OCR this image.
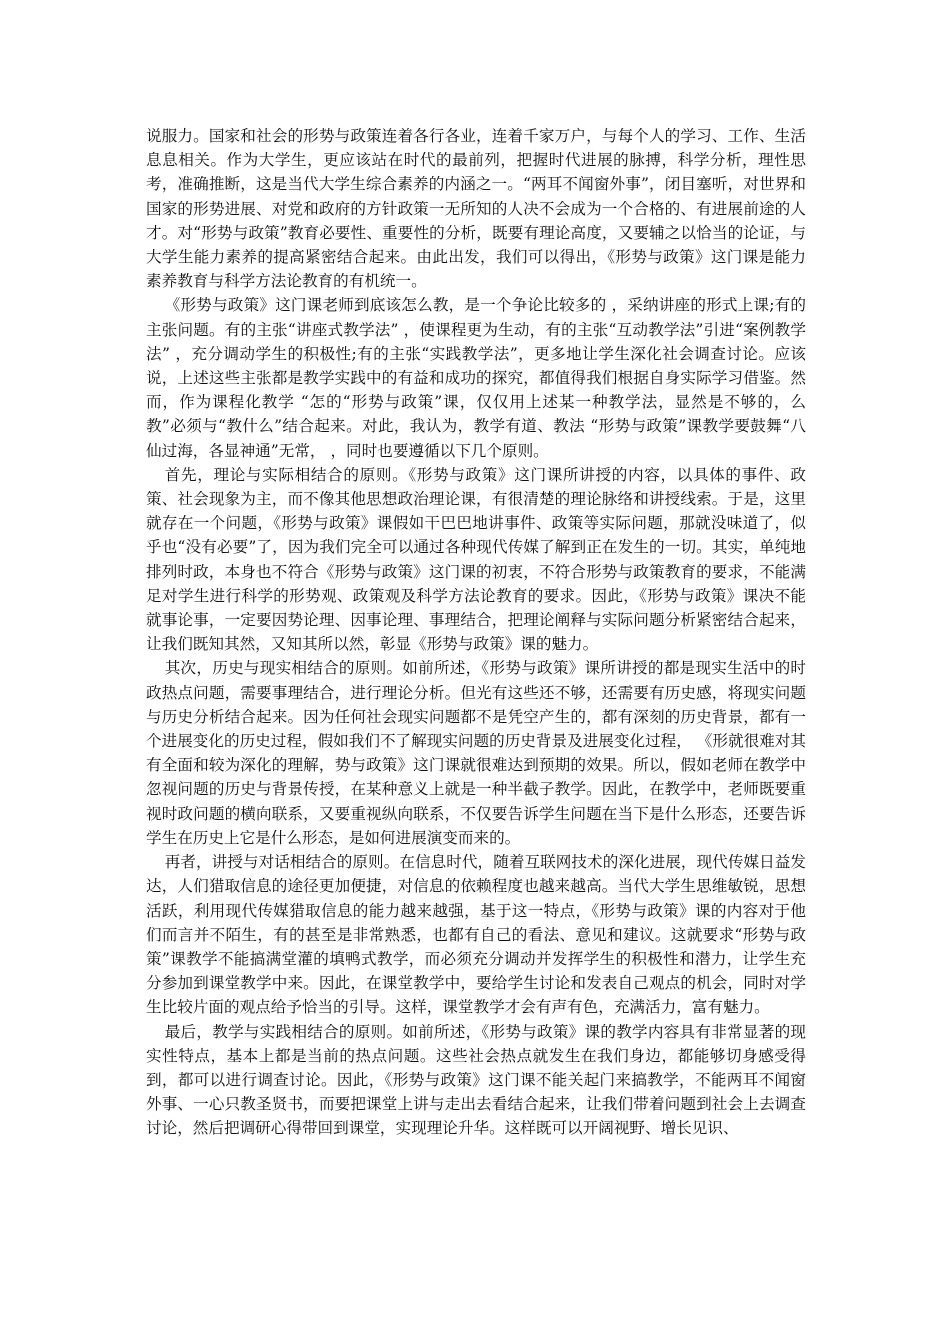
说服力。国家和社会的形势与政策连着各行各业，连着千家万户，与每个人的学习、工作、生活息息相关。作为大学生，更应该站在时代的最前列，把握时代进展的脉搏，科学分析，理性思考，准确推断，这是当代大学生综合素养的内涵之一。“两耳不闻窗外事”，闭目塞听，对世界和国家的形势进展、对党和政府的方针政策一无所知的人决不会成为一个合格的、有进展前途的人才。对“形势与政策”教育必要性、重要性的分析，既要有理论高度，又要辅之以恰当的论证，与大学生能力素养的提高紧密结合起来。由此出发，我们可以得出，《形势与政策》这门课是能力素养教育与科学方法论教育的有机统一。

《形势与政策》这门课老师到底该怎么教，是一个争论比较多的 ，采纳讲座的形式上课;有的主张问题。有的主张“讲座式教学法” ，使课程更为生动，有的主张“互动教学法”引进“案例教学法” ，充分调动学生的积极性;有的主张“实践教学法”，更多地让学生深化社会调查讨论。应该说，上述这些主张都是教学实践中的有益和成功的探究，都值得我们根据自身实际学习借鉴。然而，作为课程化教学 “怎的“形势与政策”课，仅仅用上述某一种教学法，显然是不够的，么教”必须与“教什么”结合起来。对此，我认为，教学有道、教法 “形势与政策”课教学要鼓舞“八仙过海，各显神通”无常， ，同时也要遵循以下几个原则。

首先，理论与实际相结合的原则。《形势与政策》这门课所讲授的内容，以具体的事件、政策、社会现象为主，而不像其他思想政治理论课，有很清楚的理论脉络和讲授线索。于是，这里就存在一个问题，《形势与政策》课假如干巴巴地讲事件、政策等实际问题，那就没味道了，似乎也“没有必要”了，因为我们完全可以通过各种现代传媒了解到正在发生的一切。其实，单纯地排列时政，本身也不符合《形势与政策》这门课的初衷，不符合形势与政策教育的要求，不能满足对学生进行科学的形势观、政策观及科学方法论教育的要求。因此，《形势与政策》课决不能就事论事，一定要因势论理、因事论理、事理结合，把理论阐释与实际问题分析紧密结合起来，让我们既知其然，又知其所以然，彰显《形势与政策》课的魅力。

其次，历史与现实相结合的原则。如前所述，《形势与政策》课所讲授的都是现实生活中的时政热点问题，需要事理结合，进行理论分析。但光有这些还不够，还需要有历史感，将现实问题与历史分析结合起来。因为任何社会现实问题都不是凭空产生的，都有深刻的历史背景，都有一个进展变化的历史过程，假如我们不了解现实问题的历史背景及进展变化过程， 《形就很难对其有全面和较为深化的理解，势与政策》这门课就很难达到预期的效果。所以，假如老师在教学中忽视问题的历史与背景传授，在某种意义上就是一种半截子教学。因此，在教学中，老师既要重视时政问题的横向联系，又要重视纵向联系，不仅要告诉学生问题在当下是什么形态，还要告诉学生在历史上它是什么形态，是如何进展演变而来的。

再者，讲授与对话相结合的原则。在信息时代，随着互联网技术的深化进展，现代传媒日益发达，人们猎取信息的途径更加便捷，对信息的依赖程度也越来越高。当代大学生思维敏锐，思想活跃，利用现代传媒猎取信息的能力越来越强，基于这一特点，《形势与政策》课的内容对于他们而言并不陌生，有的甚至是非常熟悉，也都有自己的看法、意见和建议。这就要求“形势与政策”课教学不能搞满堂灌的填鸭式教学，而必须充分调动并发挥学生的积极性和潜力，让学生充分参加到课堂教学中来。因此，在课堂教学中，要给学生讨论和发表自己观点的机会，同时对学生比较片面的观点给予恰当的引导。这样，课堂教学才会有声有色，充满活力，富有魅力。

最后，教学与实践相结合的原则。如前所述，《形势与政策》课的教学内容具有非常显著的现实性特点，基本上都是当前的热点问题。这些社会热点就发生在我们身边，都能够切身感受得到，都可以进行调查讨论。因此，《形势与政策》这门课不能关起门来搞教学，不能两耳不闻窗外事、一心只教圣贤书，而要把课堂上讲与走出去看结合起来，让我们带着问题到社会上去调查讨论，然后把调研心得带回到课堂，实现理论升华。这样既可以开阔视野、增长见识、
